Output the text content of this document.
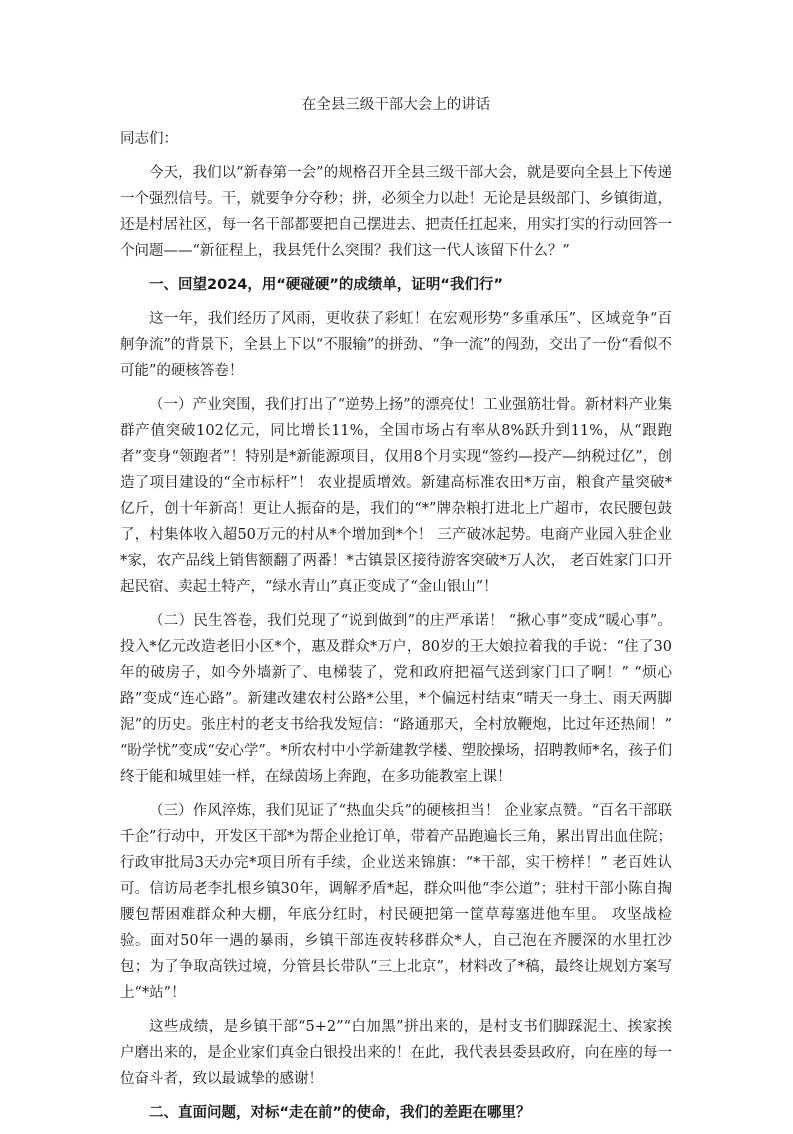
在全县三级干部大会上的讲话
同志们：

今天，我们以“新春第一会”的规格召开全县三级干部大会，就是要向全县上下传递一个强烈信号。干，就要争分夺秒；拼，必须全力以赴！无论是县级部门、乡镇街道，还是村居社区，每一名干部都要把自己摆进去、把责任扛起来，用实打实的行动回答一个问题——“新征程上，我县凭什么突围？我们这一代人该留下什么？”

一、回望2024，用“硬碰硬”的成绩单，证明“我们行”

这一年，我们经历了风雨，更收获了彩虹！在宏观形势“多重承压”、区域竞争“百舸争流”的背景下，全县上下以“不服输”的拼劲、“争一流”的闯劲，交出了一份“看似不可能”的硬核答卷！

（一）产业突围，我们打出了“逆势上扬”的漂亮仗！工业强筋壮骨。新材料产业集群产值突破102亿元，同比增长11%，全国市场占有率从8%跃升到11%，从“跟跑者”变身“领跑者”！特别是*新能源项目，仅用8个月实现“签约—投产—纳税过亿”，创造了项目建设的“全市标杆”！ 农业提质增效。新建高标准农田*万亩，粮食产量突破*亿斤，创十年新高！更让人振奋的是，我们的“*”牌杂粮打进北上广超市，农民腰包鼓了，村集体收入超50万元的村从*个增加到*个！ 三产破冰起势。电商产业园入驻企业*家，农产品线上销售额翻了两番！*古镇景区接待游客突破*万人次， 老百姓家门口开起民宿、卖起土特产，“绿水青山”真正变成了“金山银山”！

（二）民生答卷，我们兑现了“说到做到”的庄严承诺！ “揪心事”变成“暖心事”。投入*亿元改造老旧小区*个，惠及群众*万户，80岁的王大娘拉着我的手说：“住了30年的破房子，如今外墙新了、电梯装了，党和政府把福气送到家门口了啊！” “烦心路”变成“连心路”。新建改建农村公路*公里，*个偏远村结束“晴天一身土、雨天两脚泥”的历史。张庄村的老支书给我发短信：“路通那天，全村放鞭炮，比过年还热闹！” “盼学忧”变成“安心学”。*所农村中小学新建教学楼、塑胶操场，招聘教师*名，孩子们终于能和城里娃一样，在绿茵场上奔跑，在多功能教室上课！

（三）作风淬炼，我们见证了“热血尖兵”的硬核担当！ 企业家点赞。“百名干部联千企”行动中，开发区干部*为帮企业抢订单，带着产品跑遍长三角，累出胃出血住院；行政审批局3天办完*项目所有手续，企业送来锦旗：“*干部，实干榜样！” 老百姓认可。信访局老李扎根乡镇30年，调解矛盾*起，群众叫他“李公道”；驻村干部小陈自掏腰包帮困难群众种大棚，年底分红时，村民硬把第一筐草莓塞进他车里。 攻坚战检验。面对50年一遇的暴雨，乡镇干部连夜转移群众*人，自己泡在齐腰深的水里扛沙包；为了争取高铁过境，分管县长带队“三上北京”，材料改了*稿，最终让规划方案写上“*站”！

这些成绩，是乡镇干部“5+2”“白加黑”拼出来的，是村支书们脚踩泥土、挨家挨户磨出来的，是企业家们真金白银投出来的！在此，我代表县委县政府，向在座的每一位奋斗者，致以最诚挚的感谢！

二、直面问题，对标“走在前”的使命，我们的差距在哪里？
